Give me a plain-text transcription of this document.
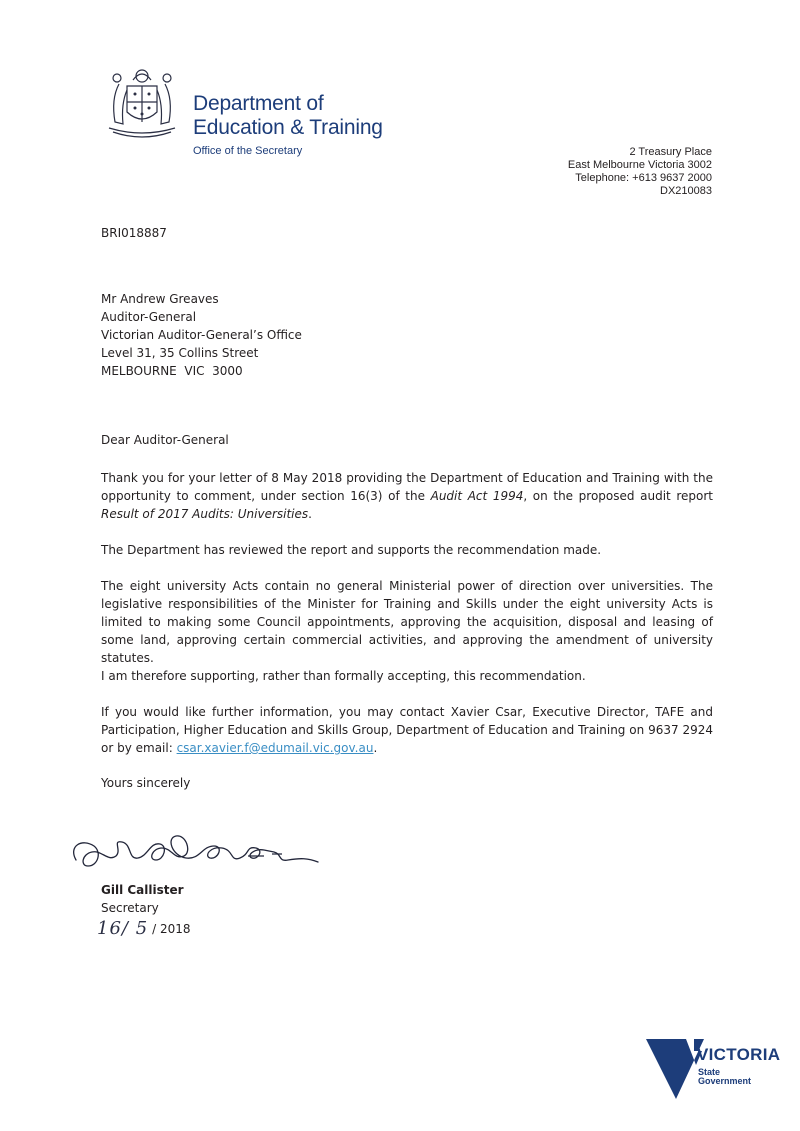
Department of
Education & Training
Office of the Secretary	2 Treasury Place
East Melbourne Victoria 3002
Telephone: +613 9637 2000
DX210083
BRI018887
Mr Andrew Greaves
Auditor-General
Victorian Auditor-General’s Office
Level 31, 35 Collins Street
MELBOURNE  VIC  3000
Dear Auditor-General

Thank you for your letter of 8 May 2018 providing the Department of Education and Training with the opportunity to comment, under section 16(3) of the Audit Act 1994, on the proposed audit report Result of 2017 Audits: Universities.

The Department has reviewed the report and supports the recommendation made.

The eight university Acts contain no general Ministerial power of direction over universities. The legislative responsibilities of the Minister for Training and Skills under the eight university Acts is limited to making some Council appointments, approving the acquisition, disposal and leasing of some land, approving certain commercial activities, and approving the amendment of university statutes.

I am therefore supporting, rather than formally accepting, this recommendation.

If you would like further information, you may contact Xavier Csar, Executive Director, TAFE and Participation, Higher Education and Skills Group, Department of Education and Training on 9637 2924 or by email: csar.xavier.f@edumail.vic.gov.au.

Yours sincerely
Gill Callister
Secretary
16/ 5 / 2018
VICTORIA
State
Government
